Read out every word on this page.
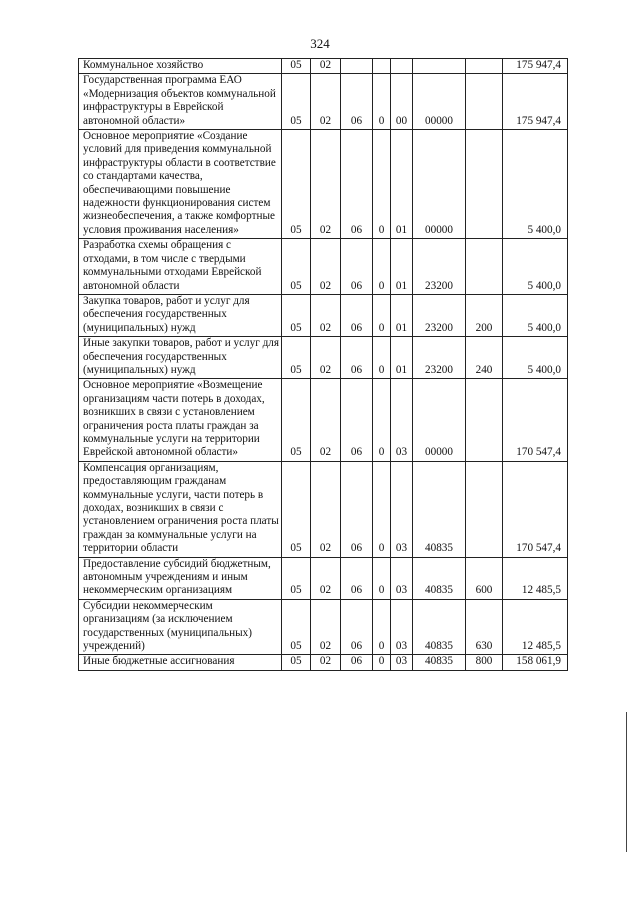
324
Коммунальное хозяйство	05	02						175 947,4
Государственная программа ЕАО «Модернизация объектов коммунальной инфраструктуры в Еврейской автономной области»	05	02	06	0	00	00000		175 947,4
Основное мероприятие «Создание условий для приведения коммунальной инфраструктуры области в соответствие со стандартами качества, обеспечивающими повышение надежности функционирования систем жизнеобеспечения, а также комфортные условия проживания населения»	05	02	06	0	01	00000		5 400,0
Разработка схемы обращения с отходами, в том числе с твердыми коммунальными отходами Еврейской автономной области	05	02	06	0	01	23200		5 400,0
Закупка товаров, работ и услуг для обеспечения государственных (муниципальных) нужд	05	02	06	0	01	23200	200	5 400,0
Иные закупки товаров, работ и услуг для обеспечения государственных (муниципальных) нужд	05	02	06	0	01	23200	240	5 400,0
Основное мероприятие «Возмещение организациям части потерь в доходах, возникших в связи с установлением ограничения роста платы граждан за коммунальные услуги на территории Еврейской автономной области»	05	02	06	0	03	00000		170 547,4
Компенсация организациям, предоставляющим гражданам коммунальные услуги, части потерь в доходах, возникших в связи с установлением ограничения роста платы граждан за коммунальные услуги на территории области	05	02	06	0	03	40835		170 547,4
Предоставление субсидий бюджетным, автономным учреждениям и иным некоммерческим организациям	05	02	06	0	03	40835	600	12 485,5
Субсидии некоммерческим организациям (за исключением государственных (муниципальных) учреждений)	05	02	06	0	03	40835	630	12 485,5
Иные бюджетные ассигнования	05	02	06	0	03	40835	800	158 061,9
